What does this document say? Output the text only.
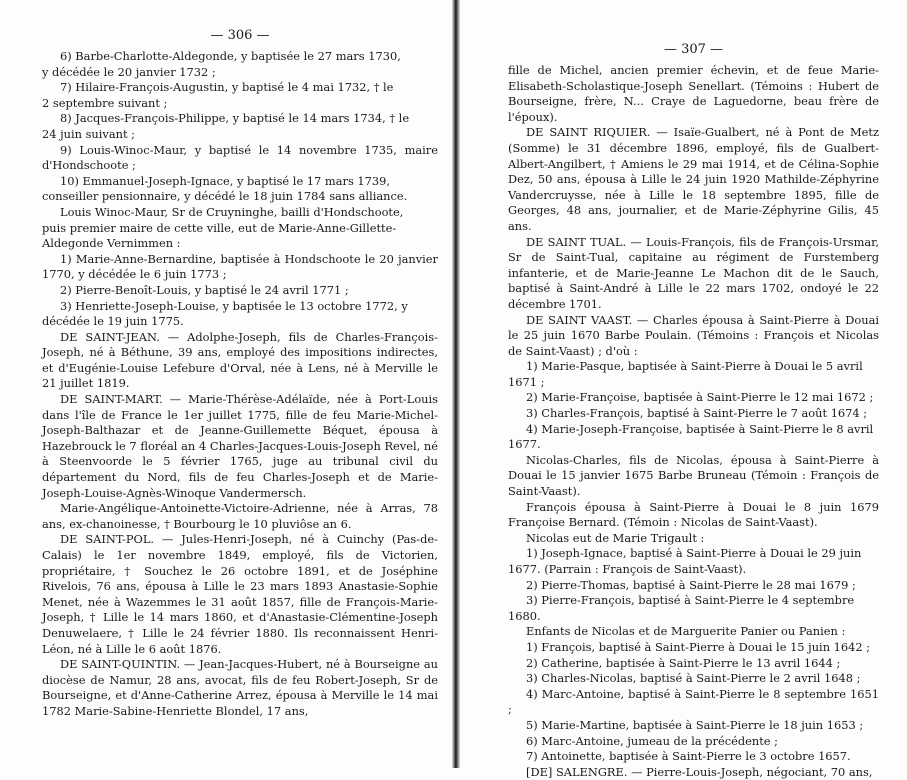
— 306 —

6) Barbe-Charlotte-Aldegonde, y baptisée le 27 mars 1730,
y décédée le 20 janvier 1732 ;

7) Hilaire-François-Augustin, y baptisé le 4 mai 1732, † le
2 septembre suivant ;

8) Jacques-François-Philippe, y baptisé le 14 mars 1734, † le
24 juin suivant ;

9) Louis-Winoc-Maur, y baptisé le 14 novembre 1735, maire d'Hondschoote ;

10) Emmanuel-Joseph-Ignace, y baptisé le 17 mars 1739,
conseiller pensionnaire, y décédé le 18 juin 1784 sans alliance.

Louis Winoc-Maur, Sr de Cruyninghe, bailli d'Hondschoote,
puis premier maire de cette ville, eut de Marie-Anne-Gillette-
Aldegonde Vernimmen :

1) Marie-Anne-Bernardine, baptisée à Hondschoote le 20 janvier 1770, y décédée le 6 juin 1773 ;

2) Pierre-Benoît-Louis, y baptisé le 24 avril 1771 ;

3) Henriette-Joseph-Louise, y baptisée le 13 octobre 1772, y
décédée le 19 juin 1775.

DE SAINT-JEAN. — Adolphe-Joseph, fils de Charles-François-Joseph, né à Béthune, 39 ans, employé des impositions indirectes, et d'Eugénie-Louise Lefebure d'Orval, née à Lens, né à Merville le 21 juillet 1819.

DE SAINT-MART. — Marie-Thérèse-Adélaïde, née à Port-Louis dans l'île de France le 1er juillet 1775, fille de feu Marie-Michel-Joseph-Balthazar et de Jeanne-Guillemette Béquet, épousa à Hazebrouck le 7 floréal an 4 Charles-Jacques-Louis-Joseph Revel, né à Steenvoorde le 5 février 1765, juge au tribunal civil du département du Nord, fils de feu Charles-Joseph et de Marie-Joseph-Louise-Agnès-Winoque Vandermersch.

Marie-Angélique-Antoinette-Victoire-Adrienne, née à Arras, 78 ans, ex-chanoinesse, † Bourbourg le 10 pluviôse an 6.

DE SAINT-POL. — Jules-Henri-Joseph, né à Cuinchy (Pas-de-Calais) le 1er novembre 1849, employé, fils de Victorien, propriétaire, † Souchez le 26 octobre 1891, et de Joséphine Rivelois, 76 ans, épousa à Lille le 23 mars 1893 Anastasie-Sophie Menet, née à Wazemmes le 31 août 1857, fille de François-Marie-Joseph, † Lille le 14 mars 1860, et d'Anastasie-Clémentine-Joseph Denuwelaere, † Lille le 24 février 1880. Ils reconnaissent Henri-Léon, né à Lille le 6 août 1876.

DE SAINT-QUINTIN. — Jean-Jacques-Hubert, né à Bourseigne au diocèse de Namur, 28 ans, avocat, fils de feu Robert-Joseph, Sr de Bourseigne, et d'Anne-Catherine Arrez, épousa à Merville le 14 mai 1782 Marie-Sabine-Henriette Blondel, 17 ans,

— 307 —

fille de Michel, ancien premier échevin, et de feue Marie-Elisabeth-Scholastique-Joseph Senellart. (Témoins : Hubert de Bourseigne, frère, N... Craye de Laguedorne, beau frère de l'époux).

DE SAINT RIQUIER. — Isaïe-Gualbert, né à Pont de Metz (Somme) le 31 décembre 1896, employé, fils de Gualbert-Albert-Angilbert, † Amiens le 29 mai 1914, et de Célina-Sophie Dez, 50 ans, épousa à Lille le 24 juin 1920 Mathilde-Zéphyrine Vandercruysse, née à Lille le 18 septembre 1895, fille de Georges, 48 ans, journalier, et de Marie-Zéphyrine Gilis, 45 ans.

DE SAINT TUAL. — Louis-François, fils de François-Ursmar, Sr de Saint-Tual, capitaine au régiment de Furstemberg infanterie, et de Marie-Jeanne Le Machon dit de le Sauch, baptisé à Saint-André à Lille le 22 mars 1702, ondoyé le 22 décembre 1701.

DE SAINT VAAST. — Charles épousa à Saint-Pierre à Douai le 25 juin 1670 Barbe Poulain. (Témoins : François et Nicolas de Saint-Vaast) ; d'où :

1) Marie-Pasque, baptisée à Saint-Pierre à Douai le 5 avril
1671 ;

2) Marie-Françoise, baptisée à Saint-Pierre le 12 mai 1672 ;

3) Charles-François, baptisé à Saint-Pierre le 7 août 1674 ;

4) Marie-Joseph-Françoise, baptisée à Saint-Pierre le 8 avril
1677.

Nicolas-Charles, fils de Nicolas, épousa à Saint-Pierre à Douai le 15 janvier 1675 Barbe Bruneau (Témoin : François de Saint-Vaast).

François épousa à Saint-Pierre à Douai le 8 juin 1679 Françoise Bernard. (Témoin : Nicolas de Saint-Vaast).

Nicolas eut de Marie Trigault :

1) Joseph-Ignace, baptisé à Saint-Pierre à Douai le 29 juin
1677. (Parrain : François de Saint-Vaast).

2) Pierre-Thomas, baptisé à Saint-Pierre le 28 mai 1679 ;

3) Pierre-François, baptisé à Saint-Pierre le 4 septembre
1680.

Enfants de Nicolas et de Marguerite Panier ou Panien :

1) François, baptisé à Saint-Pierre à Douai le 15 juin 1642 ;

2) Catherine, baptisée à Saint-Pierre le 13 avril 1644 ;

3) Charles-Nicolas, baptisé à Saint-Pierre le 2 avril 1648 ;

4) Marc-Antoine, baptisé à Saint-Pierre le 8 septembre 1651 ;

5) Marie-Martine, baptisée à Saint-Pierre le 18 juin 1653 ;

6) Marc-Antoine, jumeau de la précédente ;

7) Antoinette, baptisée à Saint-Pierre le 3 octobre 1657.

[DE] SALENGRE. — Pierre-Louis-Joseph, négociant, 70 ans,
